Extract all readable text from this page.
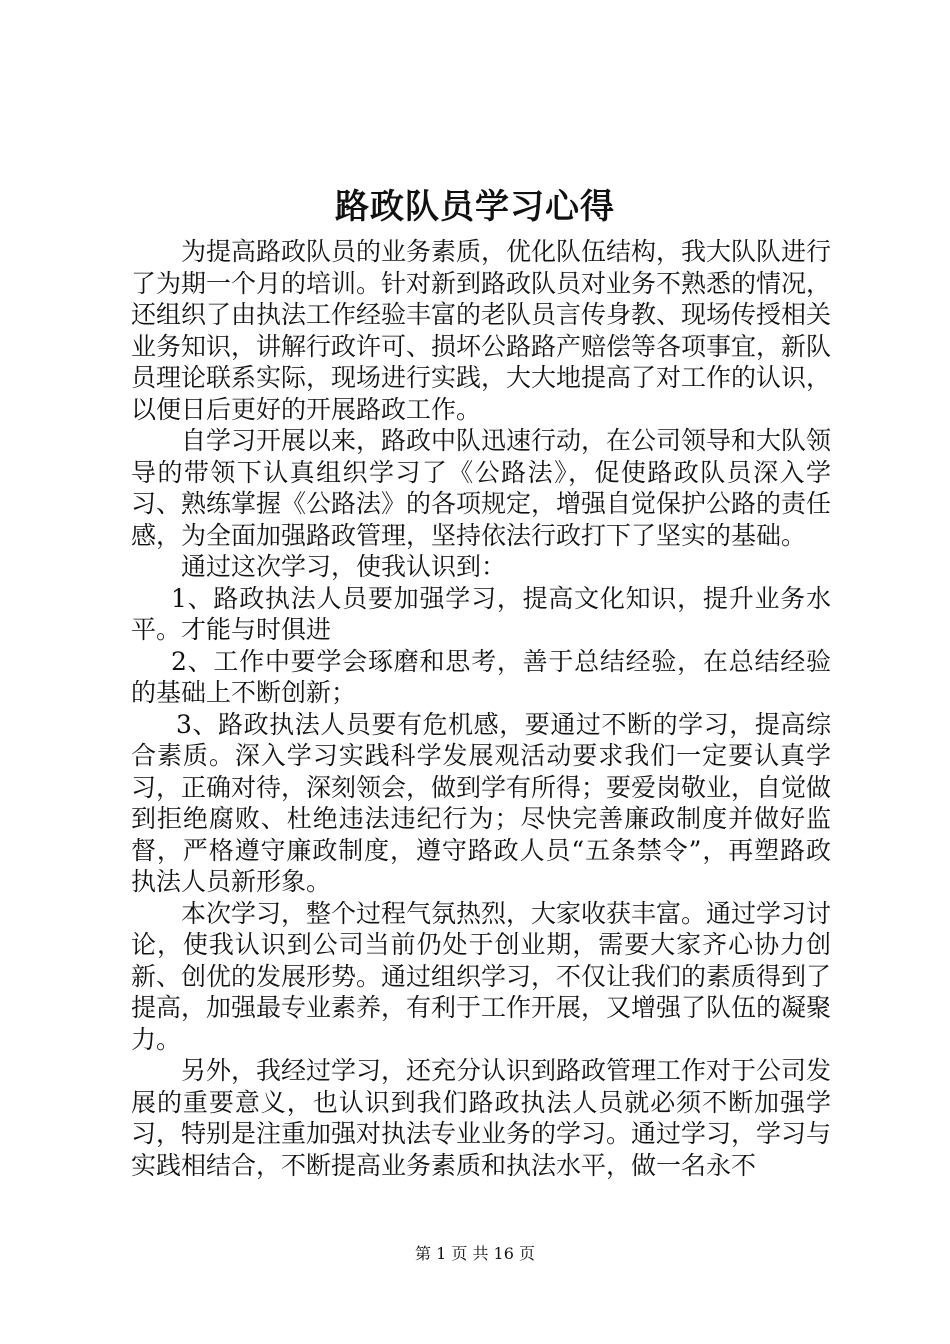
路政队员学习心得

为提高路政队员的业务素质，优化队伍结构，我大队队进行了为期一个月的培训。针对新到路政队员对业务不熟悉的情况，还组织了由执法工作经验丰富的老队员言传身教、现场传授相关业务知识，讲解行政许可、损坏公路路产赔偿等各项事宜，新队员理论联系实际，现场进行实践，大大地提高了对工作的认识，以便日后更好的开展路政工作。

自学习开展以来，路政中队迅速行动，在公司领导和大队领导的带领下认真组织学习了《公路法》，促使路政队员深入学习、熟练掌握《公路法》的各项规定，增强自觉保护公路的责任感，为全面加强路政管理，坚持依法行政打下了坚实的基础。

通过这次学习，使我认识到：

1、路政执法人员要加强学习，提高文化知识，提升业务水平。才能与时俱进

2、工作中要学会琢磨和思考，善于总结经验，在总结经验的基础上不断创新；

3、路政执法人员要有危机感，要通过不断的学习，提高综合素质。深入学习实践科学发展观活动要求我们一定要认真学习，正确对待，深刻领会，做到学有所得；要爱岗敬业，自觉做到拒绝腐败、杜绝违法违纪行为；尽快完善廉政制度并做好监督，严格遵守廉政制度，遵守路政人员“五条禁令”，再塑路政执法人员新形象。

本次学习，整个过程气氛热烈，大家收获丰富。通过学习讨论，使我认识到公司当前仍处于创业期，需要大家齐心协力创新、创优的发展形势。通过组织学习，不仅让我们的素质得到了提高，加强最专业素养，有利于工作开展，又增强了队伍的凝聚力。

另外，我经过学习，还充分认识到路政管理工作对于公司发展的重要意义，也认识到我们路政执法人员就必须不断加强学习，特别是注重加强对执法专业业务的学习。通过学习，学习与实践相结合，不断提高业务素质和执法水平，做一名永不

第 1 页 共 16 页
